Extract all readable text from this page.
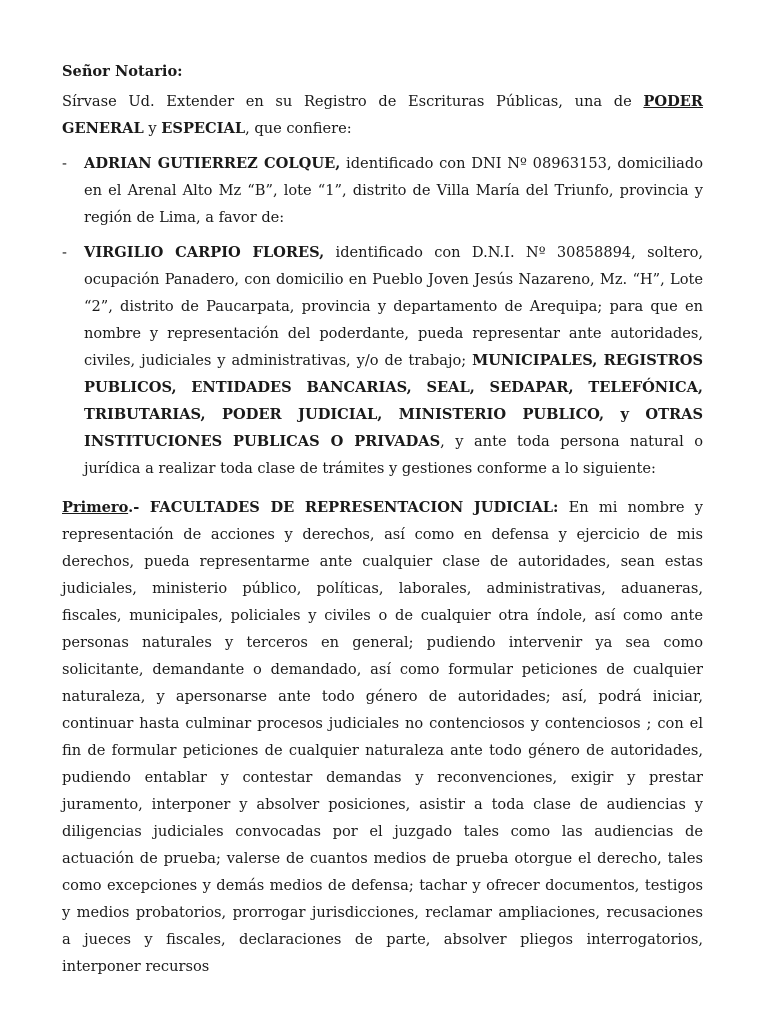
Señor Notario:

Sírvase Ud. Extender en su Registro de Escrituras Públicas, una de PODER GENERAL y ESPECIAL, que confiere:

- ADRIAN GUTIERREZ COLQUE, identificado con DNI Nº 08963153, domiciliado en el Arenal Alto Mz “B”, lote “1”, distrito de Villa María del Triunfo, provincia y región de Lima, a favor de:

- VIRGILIO CARPIO FLORES, identificado con D.N.I. Nº 30858894, soltero, ocupación Panadero, con domicilio en Pueblo Joven Jesús Nazareno, Mz. “H”, Lote “2”, distrito de Paucarpata, provincia y departamento de Arequipa; para que en nombre y representación del poderdante, pueda representar ante autoridades, civiles, judiciales y administrativas, y/o de trabajo; MUNICIPALES, REGISTROS PUBLICOS, ENTIDADES BANCARIAS, SEAL, SEDAPAR, TELEFÓNICA, TRIBUTARIAS, PODER JUDICIAL, MINISTERIO PUBLICO, y OTRAS INSTITUCIONES PUBLICAS O PRIVADAS, y ante toda persona natural o jurídica a realizar toda clase de trámites y gestiones conforme a lo siguiente:

Primero.- FACULTADES DE REPRESENTACION JUDICIAL: En mi nombre y representación de acciones y derechos, así como en defensa y ejercicio de mis derechos, pueda representarme ante cualquier clase de autoridades, sean estas judiciales, ministerio público, políticas, laborales, administrativas, aduaneras, fiscales, municipales, policiales y civiles o de cualquier otra índole, así como ante personas naturales y terceros en general; pudiendo intervenir ya sea como solicitante, demandante o demandado, así como formular peticiones de cualquier naturaleza, y apersonarse ante todo género de autoridades; así, podrá iniciar, continuar hasta culminar procesos judiciales no contenciosos y contenciosos ; con el fin de formular peticiones de cualquier naturaleza ante todo género de autoridades, pudiendo entablar y contestar demandas y reconvenciones, exigir y prestar juramento, interponer y absolver posiciones, asistir a toda clase de audiencias y diligencias judiciales convocadas por el juzgado tales como las audiencias de actuación de prueba; valerse de cuantos medios de prueba otorgue el derecho, tales como excepciones y demás medios de defensa; tachar y ofrecer documentos, testigos y medios probatorios, prorrogar jurisdicciones, reclamar ampliaciones, recusaciones a jueces y fiscales, declaraciones de parte, absolver pliegos interrogatorios, interponer recursos
